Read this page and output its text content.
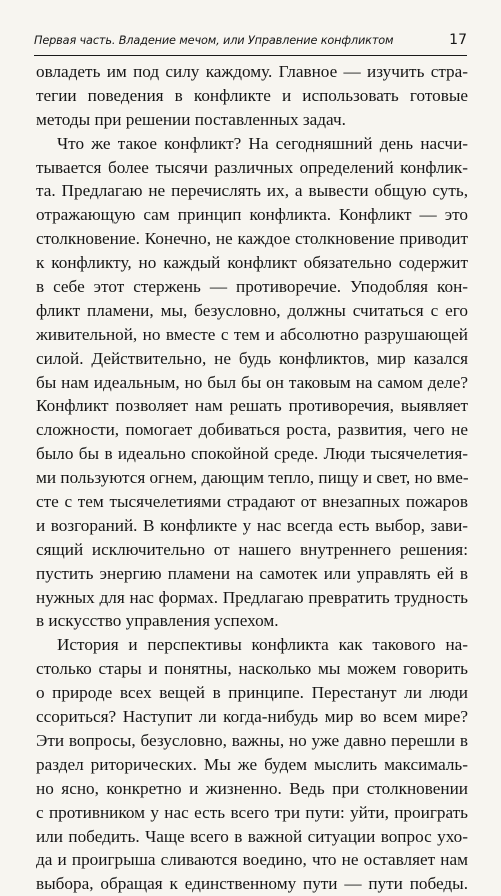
Первая часть. Владение мечом, или Управление конфликтом	17
овладеть им под силу каждому. Главное — изучить стра-
тегии поведения в конфликте и использовать готовые
методы при решении поставленных задач.
Что же такое конфликт? На сегодняшний день насчи-
тывается более тысячи различных определений конфлик-
та. Предлагаю не перечислять их, а вывести общую суть,
отражающую сам принцип конфликта. Конфликт — это
столкновение. Конечно, не каждое столкновение приводит
к конфликту, но каждый конфликт обязательно содержит
в себе этот стержень — противоречие. Уподобляя кон-
фликт пламени, мы, безусловно, должны считаться с его
живительной, но вместе с тем и абсолютно разрушающей
силой. Действительно, не будь конфликтов, мир казался
бы нам идеальным, но был бы он таковым на самом деле?
Конфликт позволяет нам решать противоречия, выявляет
сложности, помогает добиваться роста, развития, чего не
было бы в идеально спокойной среде. Люди тысячелетия-
ми пользуются огнем, дающим тепло, пищу и свет, но вме-
сте с тем тысячелетиями страдают от внезапных пожаров
и возгораний. В конфликте у нас всегда есть выбор, зави-
сящий исключительно от нашего внутреннего решения:
пустить энергию пламени на самотек или управлять ей в
нужных для нас формах. Предлагаю превратить трудность
в искусство управления успехом.
История и перспективы конфликта как такового на-
столько стары и понятны, насколько мы можем говорить
о природе всех вещей в принципе. Перестанут ли люди
ссориться? Наступит ли когда-нибудь мир во всем мире?
Эти вопросы, безусловно, важны, но уже давно перешли в
раздел риторических. Мы же будем мыслить максималь-
но ясно, конкретно и жизненно. Ведь при столкновении
с противником у нас есть всего три пути: уйти, проиграть
или победить. Чаще всего в важной ситуации вопрос ухо-
да и проигрыша сливаются воедино, что не оставляет нам
выбора, обращая к единственному пути — пути победы.
